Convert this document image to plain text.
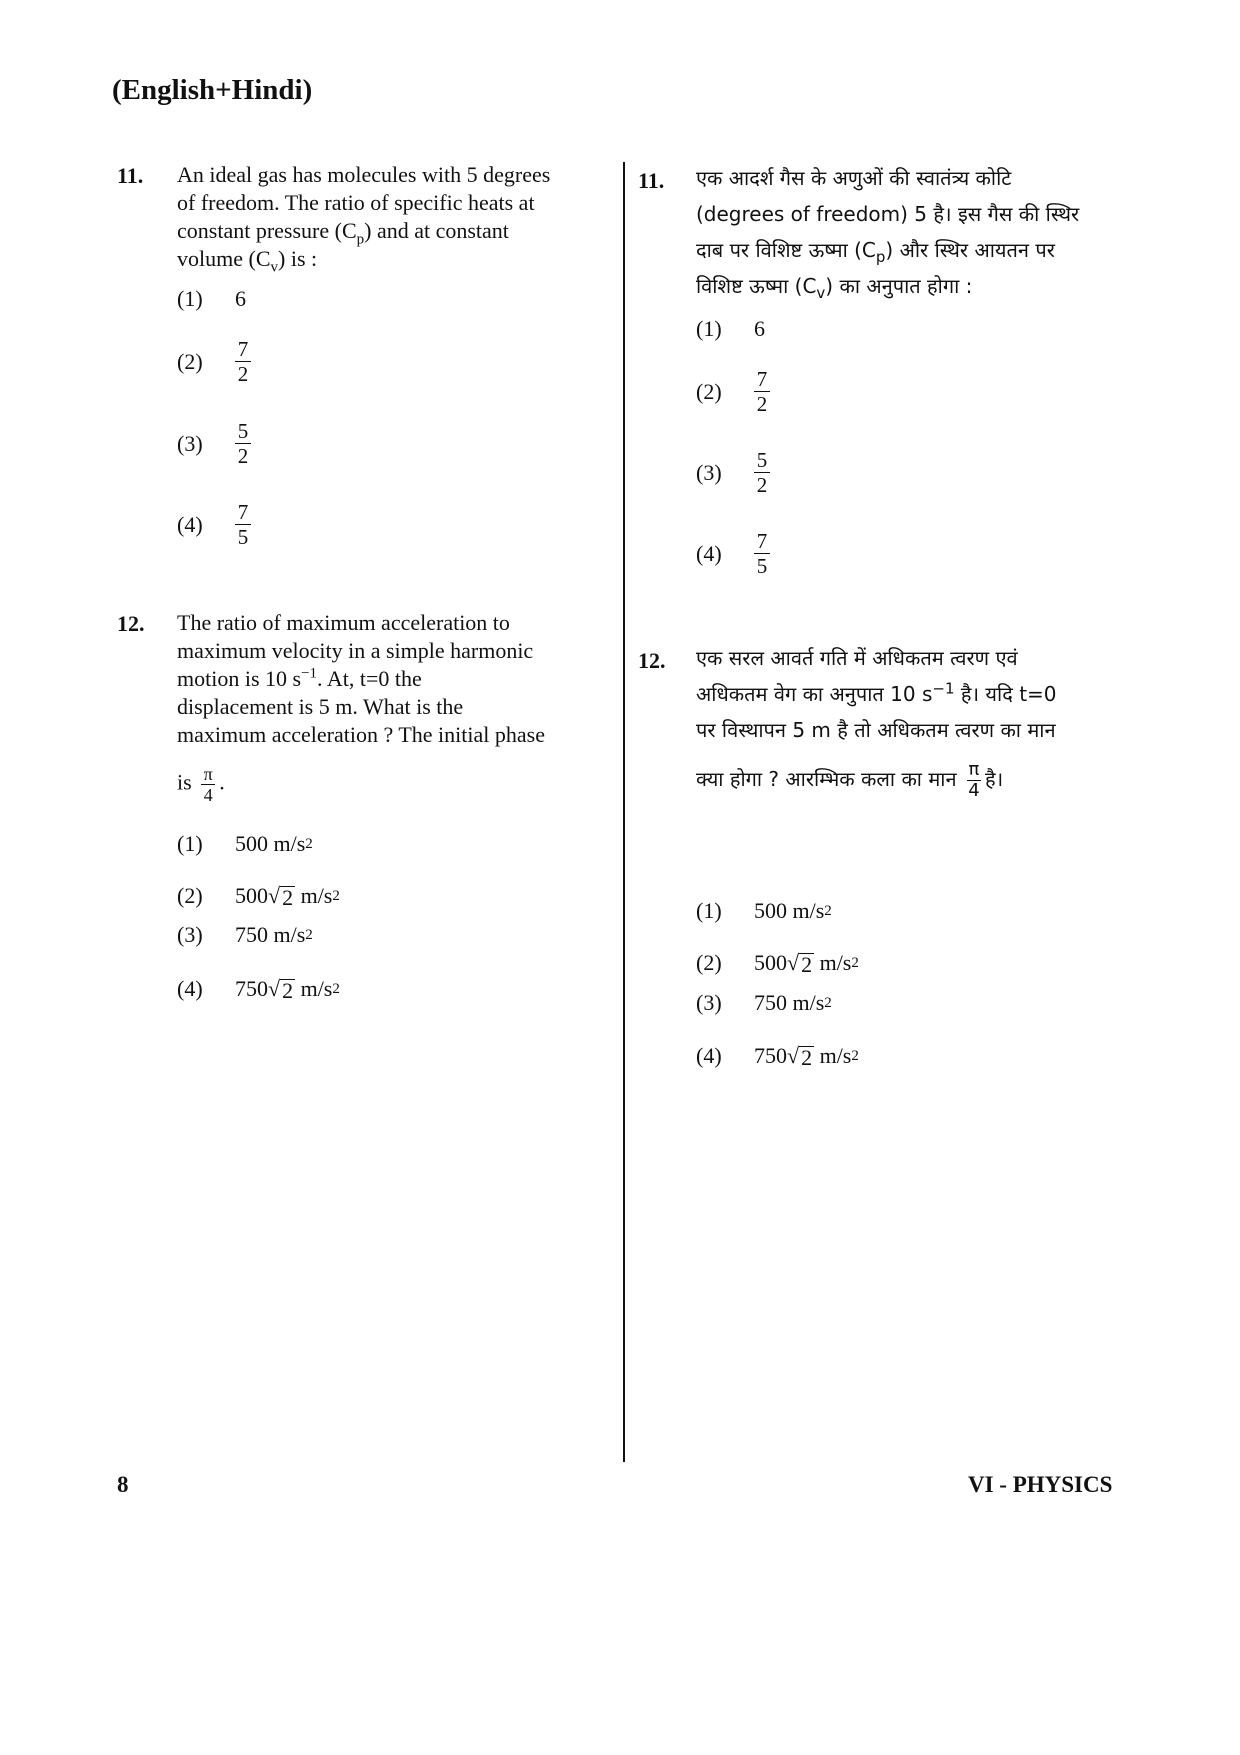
(English+Hindi)
11. An ideal gas has molecules with 5 degrees
of freedom. The ratio of specific heats at
constant pressure $(C_p)$ and at constant
volume $(C_v)$ is :
(1)	6
(2)	$\frac{7}{2}$
(3)	$\frac{5}{2}$
(4)	$\frac{7}{5}$
12. The ratio of maximum acceleration to
maximum velocity in a simple harmonic
motion is 10 $s^{-1}$. At, t=0 the
displacement is 5 m. What is the
maximum acceleration ? The initial phase
is $\frac{\pi}{4}$ .
(1)	500
m/s 2
(2)	500 √ 2
m/s 2
(3)	750
m/s 2
(4)	750 √ 2
m/s 2
11. एक आदर्श गैस के अणुओं की स्वातंत्र्य कोटि
(degrees of freedom) 5 है। इस गैस की स्थिर
दाब पर विशिष्ट ऊष्मा $(C_p)$ और स्थिर आयतन पर
विशिष्ट ऊष्मा $(C_v)$ का अनुपात होगा :
(1)	6
(2)	$\frac{7}{2}$
(3)	$\frac{5}{2}$
(4)	$\frac{7}{5}$
12. एक सरल आवर्त गति में अधिकतम त्वरण एवं
अधिकतम वेग का अनुपात 10 $s^{-1}$ है। यदि t=0
पर विस्थापन 5 m है तो अधिकतम त्वरण का मान
क्या होगा ? आरम्भिक कला का मान $\frac{\pi}{4}$ है।
(1)	500
m/s 2
(2)	500 √ 2
m/s 2
(3)	750
m/s 2
(4)	750 √ 2
m/s 2
8	VI - PHYSICS
